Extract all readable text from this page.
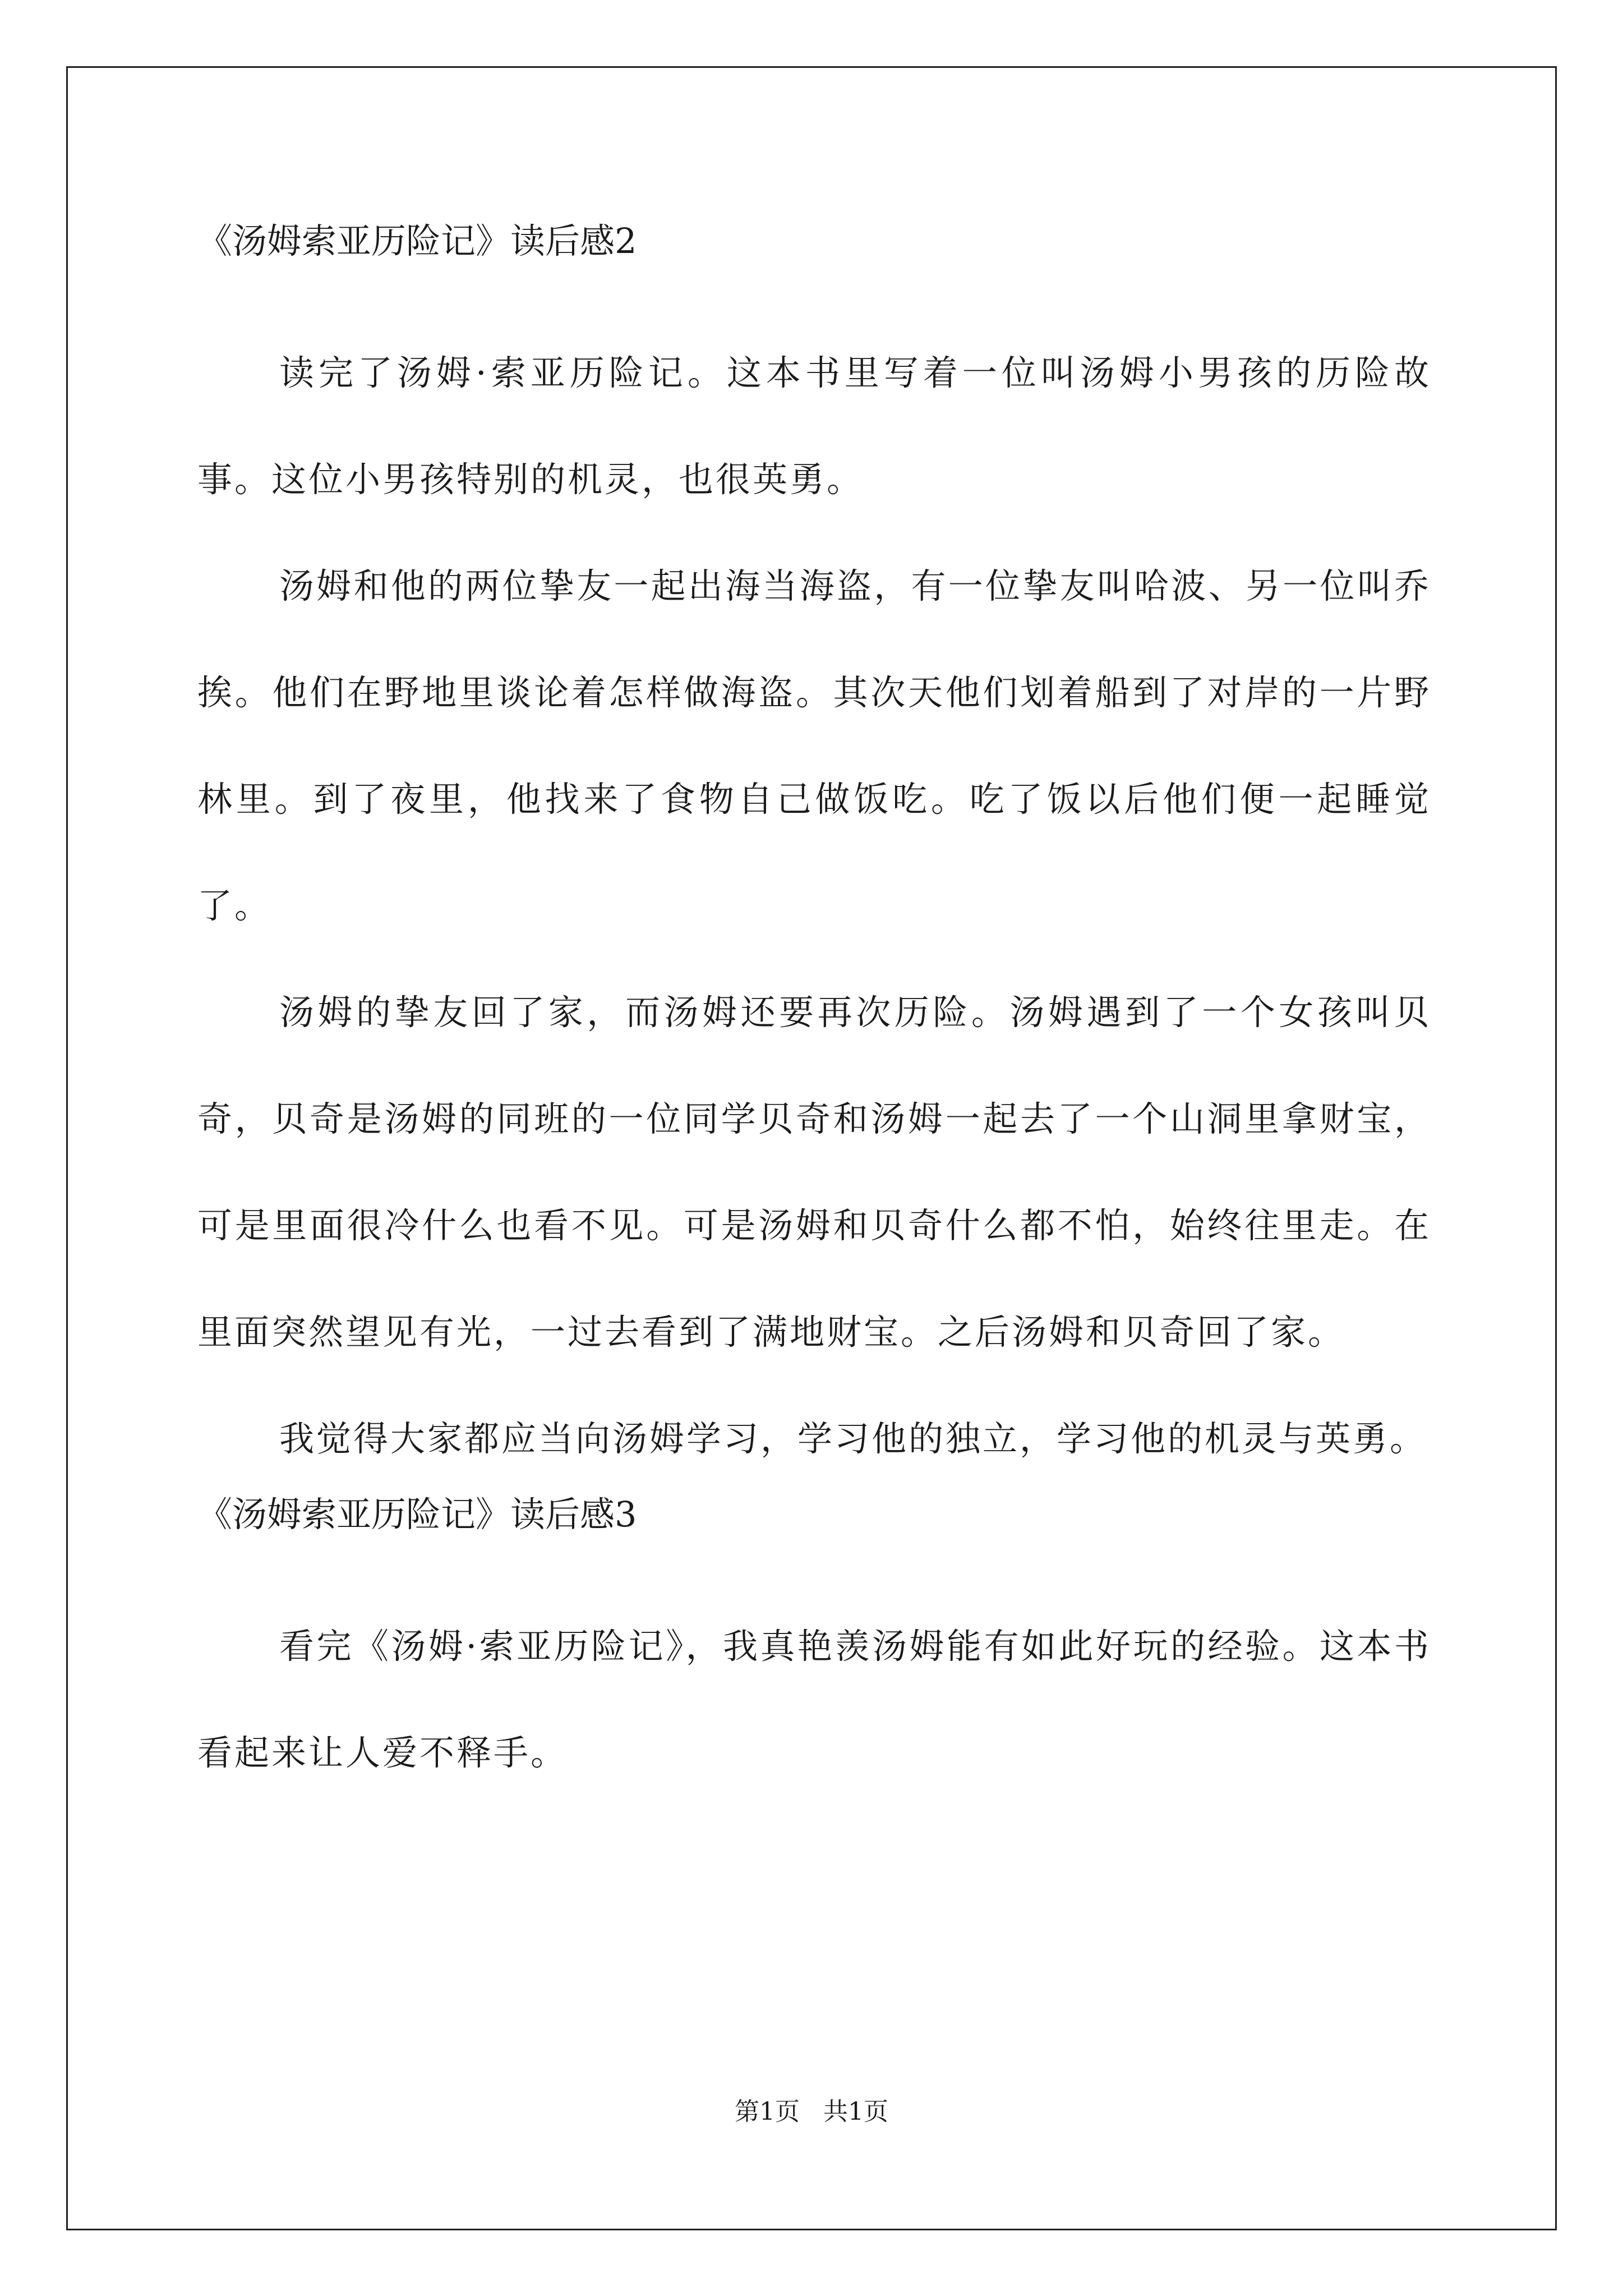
《汤姆索亚历险记》读后感2

读完了汤姆·索亚历险记。这本书里写着一位叫汤姆小男孩的历险故事。这位小男孩特别的机灵，也很英勇。

汤姆和他的两位挚友一起出海当海盗，有一位挚友叫哈波、另一位叫乔挨。他们在野地里谈论着怎样做海盗。其次天他们划着船到了对岸的一片野林里。到了夜里，他找来了食物自己做饭吃。吃了饭以后他们便一起睡觉了。

汤姆的挚友回了家，而汤姆还要再次历险。汤姆遇到了一个女孩叫贝奇，贝奇是汤姆的同班的一位同学贝奇和汤姆一起去了一个山洞里拿财宝，可是里面很冷什么也看不见。可是汤姆和贝奇什么都不怕，始终往里走。在里面突然望见有光，一过去看到了满地财宝。之后汤姆和贝奇回了家。

我觉得大家都应当向汤姆学习，学习他的独立，学习他的机灵与英勇。

《汤姆索亚历险记》读后感3

看完《汤姆·索亚历险记》，我真艳羡汤姆能有如此好玩的经验。这本书看起来让人爱不释手。

第1页   共1页
